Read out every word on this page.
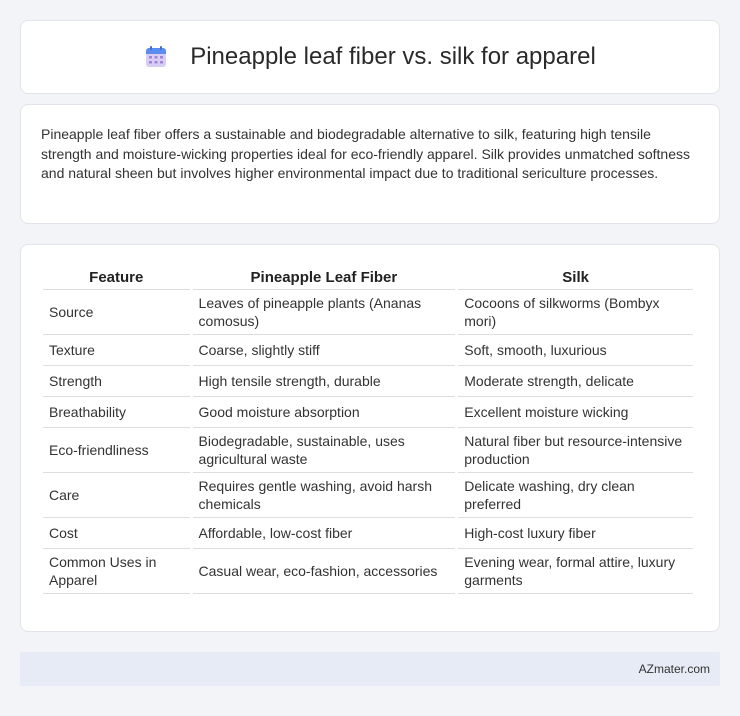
Pineapple leaf fiber vs. silk for apparel

Pineapple leaf fiber offers a sustainable and biodegradable alternative to silk, featuring high tensile strength and moisture-wicking properties ideal for eco-friendly apparel. Silk provides unmatched softness and natural sheen but involves higher environmental impact due to traditional sericulture processes.

Feature	Pineapple Leaf Fiber	Silk
Source	Leaves of pineapple plants (Ananas comosus)	Cocoons of silkworms (Bombyx mori)
Texture	Coarse, slightly stiff	Soft, smooth, luxurious
Strength	High tensile strength, durable	Moderate strength, delicate
Breathability	Good moisture absorption	Excellent moisture wicking
Eco-friendliness	Biodegradable, sustainable, uses agricultural waste	Natural fiber but resource-intensive production
Care	Requires gentle washing, avoid harsh chemicals	Delicate washing, dry clean preferred
Cost	Affordable, low-cost fiber	High-cost luxury fiber
Common Uses in Apparel	Casual wear, eco-fashion, accessories	Evening wear, formal attire, luxury garments
AZmater.com
